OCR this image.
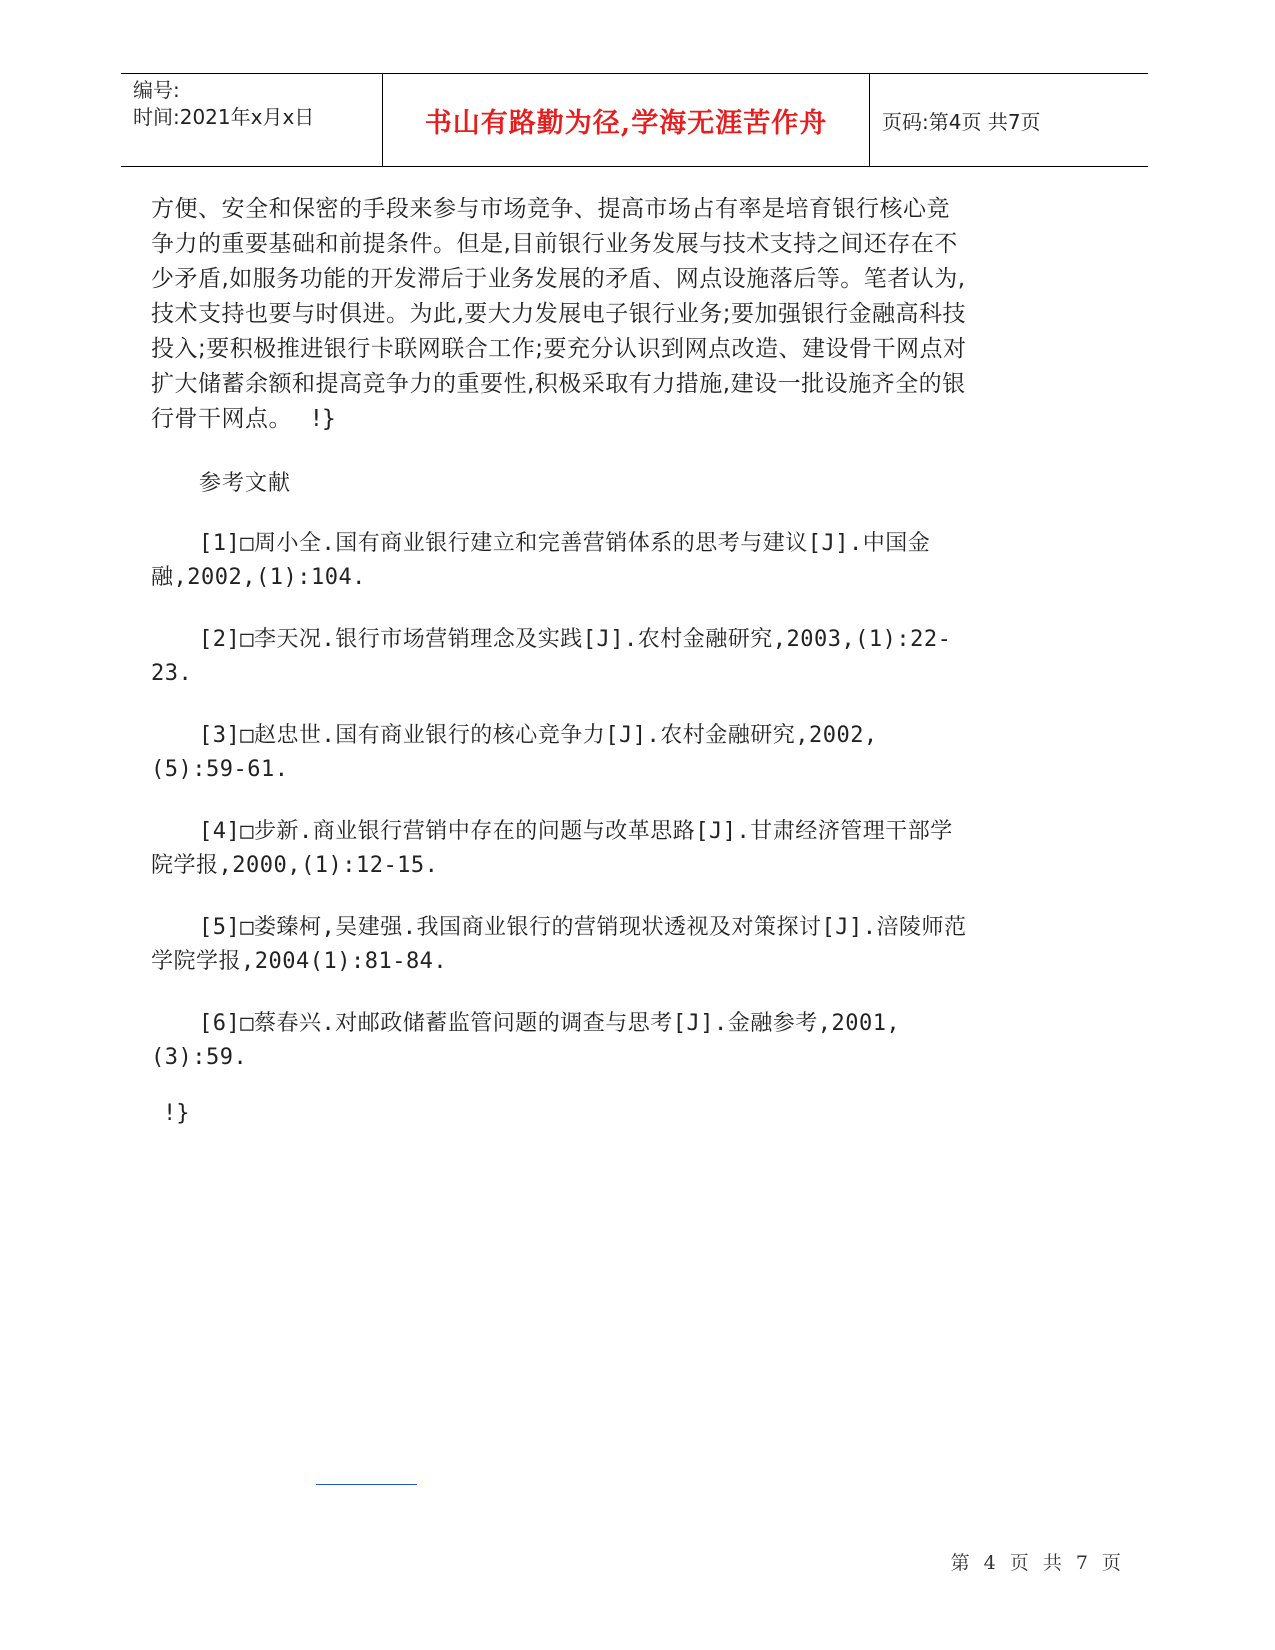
编号:
时间:2021年x月x日	书山有路勤为径,学海无涯苦作舟	页码:第4页 共7页

方便、安全和保密的手段来参与市场竞争、提高市场占有率是培育银行核心竞争力的重要基础和前提条件。但是,目前银行业务发展与技术支持之间还存在不少矛盾,如服务功能的开发滞后于业务发展的矛盾、网点设施落后等。笔者认为,技术支持也要与时俱进。为此,要大力发展电子银行业务;要加强银行金融高科技投入;要积极推进银行卡联网联合工作;要充分认识到网点改造、建设骨干网点对扩大储蓄余额和提高竞争力的重要性,积极采取有力措施,建设一批设施齐全的银行骨干网点。　 !}

参考文献

[1]□周小全.国有商业银行建立和完善营销体系的思考与建议[J].中国金融,2002,(1):104.

[2]□李天况.银行市场营销理念及实践[J].农村金融研究,2003,(1):22-23.

[3]□赵忠世.国有商业银行的核心竞争力[J].农村金融研究,2002,(5):59-61.

[4]□步新.商业银行营销中存在的问题与改革思路[J].甘肃经济管理干部学院学报,2000,(1):12-15.

[5]□娄臻柯,吴建强.我国商业银行的营销现状透视及对策探讨[J].涪陵师范学院学报,2004(1):81-84.

[6]□蔡春兴.对邮政储蓄监管问题的调查与思考[J].金融参考,2001,(3):59.

!}
第 4 页 共 7 页
